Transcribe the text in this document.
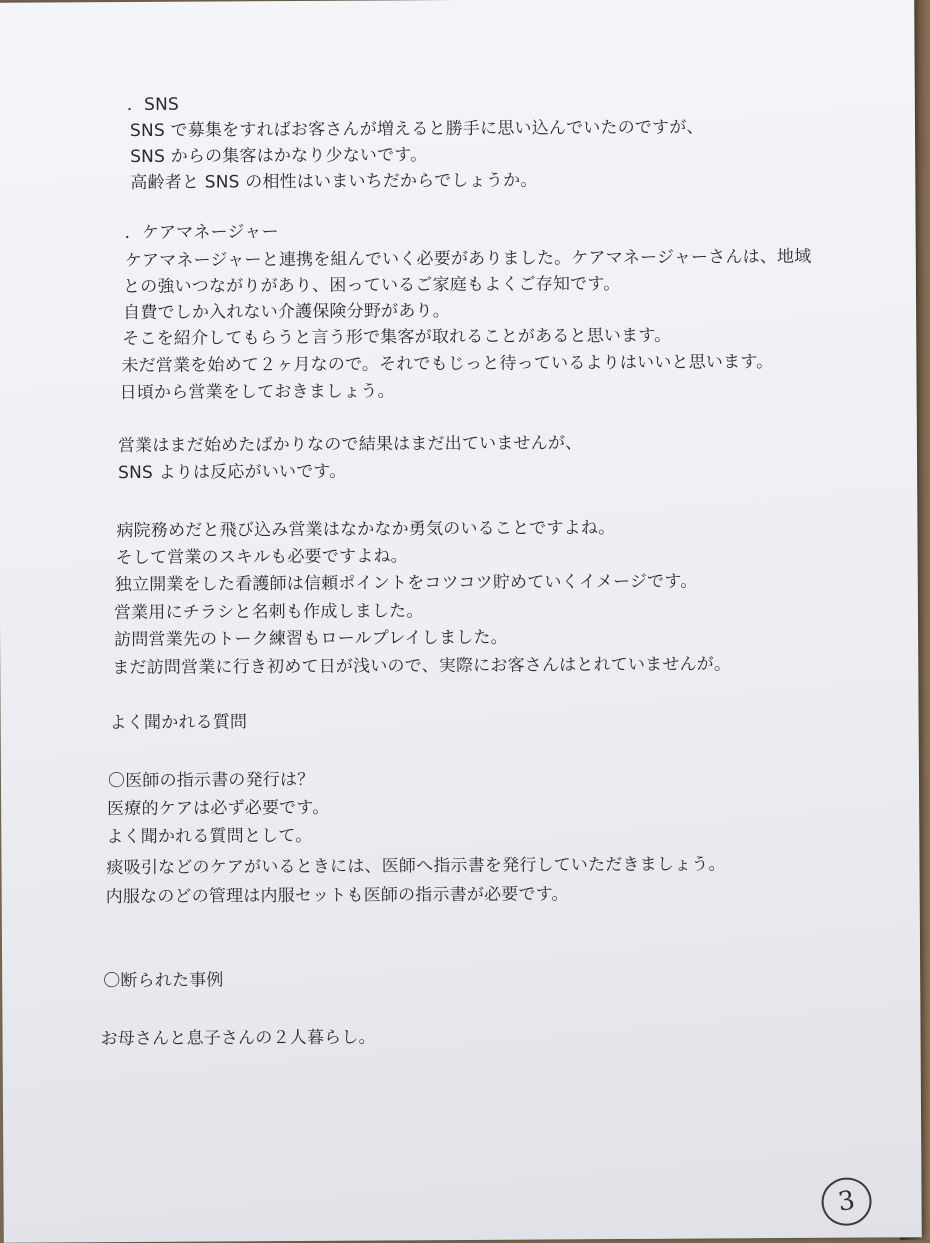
．SNS
SNS で募集をすればお客さんが増えると勝手に思い込んでいたのですが、
SNS からの集客はかなり少ないです。
高齢者と SNS の相性はいまいちだからでしょうか。
．ケアマネージャー
ケアマネージャーと連携を組んでいく必要がありました。ケアマネージャーさんは、地域
との強いつながりがあり、困っているご家庭もよくご存知です。
自費でしか入れない介護保険分野があり。
そこを紹介してもらうと言う形で集客が取れることがあると思います。
未だ営業を始めて２ヶ月なので。それでもじっと待っているよりはいいと思います。
日頃から営業をしておきましょう。
営業はまだ始めたばかりなので結果はまだ出ていませんが、
SNS よりは反応がいいです。
病院務めだと飛び込み営業はなかなか勇気のいることですよね。
そして営業のスキルも必要ですよね。
独立開業をした看護師は信頼ポイントをコツコツ貯めていくイメージです。
営業用にチラシと名刺も作成しました。
訪問営業先のトーク練習もロールプレイしました。
まだ訪問営業に行き初めて日が浅いので、実際にお客さんはとれていませんが。
よく聞かれる質問
〇医師の指示書の発行は？
医療的ケアは必ず必要です。
よく聞かれる質問として。
痰吸引などのケアがいるときには、医師へ指示書を発行していただきましょう。
内服なのどの管理は内服セットも医師の指示書が必要です。
〇断られた事例
お母さんと息子さんの２人暮らし。
3
